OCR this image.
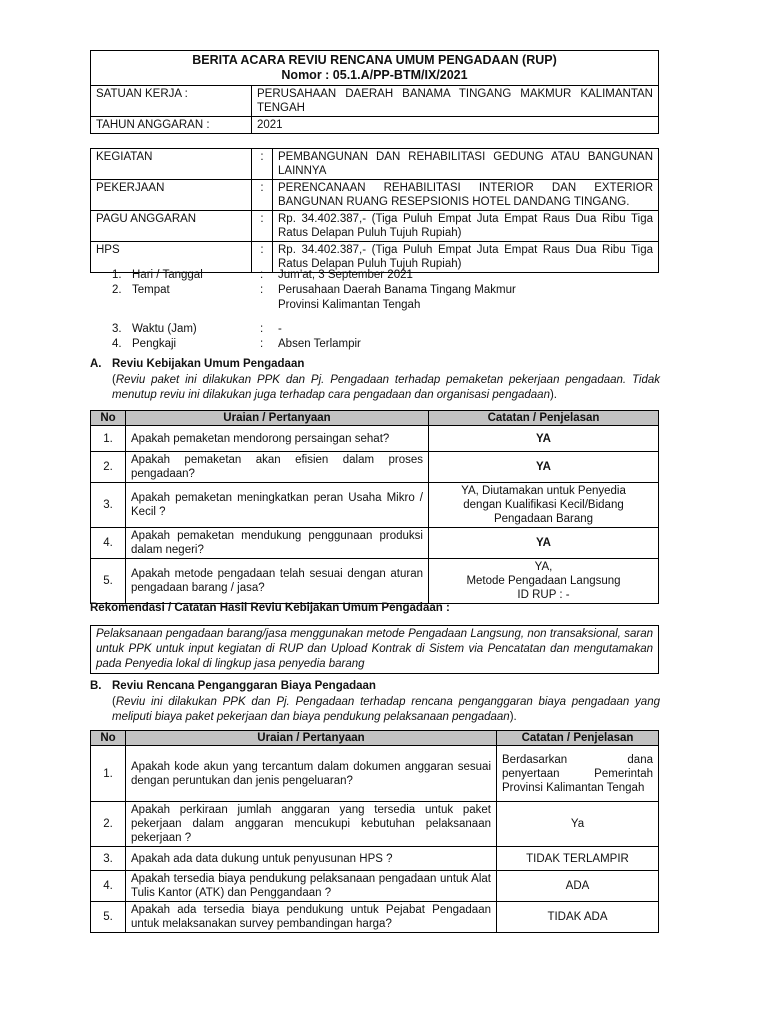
BERITA ACARA REVIU RENCANA UMUM PENGADAAN (RUP)	
Nomor : 05.1.A/PP-BTM/IX/2021	
SATUAN KERJA :	PERUSAHAAN DAERAH BANAMA TINGANG MAKMUR KALIMANTAN TENGAH
TAHUN ANGGARAN :	2021
KEGIATAN	:	PEMBANGUNAN DAN REHABILITASI GEDUNG ATAU BANGUNAN LAINNYA
PEKERJAAN	:	PERENCANAAN REHABILITASI INTERIOR DAN EXTERIOR BANGUNAN RUANG RESEPSIONIS HOTEL DANDANG TINGANG.
PAGU ANGGARAN	:	Rp. 34.402.387,- (Tiga Puluh Empat Juta Empat Raus Dua Ribu Tiga Ratus Delapan Puluh Tujuh Rupiah)
HPS	:	Rp. 34.402.387,- (Tiga Puluh Empat Juta Empat Raus Dua Ribu Tiga Ratus Delapan Puluh Tujuh Rupiah)
1. Hari / Tanggal	:	Jum’at, 3 September 2021
2. Tempat	:	Perusahaan Daerah Banama Tingang Makmur
Provinsi Kalimantan Tengah
3. Waktu (Jam)	:	-
4. Pengkaji	:	Absen Terlampir
A. Reviu Kebijakan Umum Pengadaan
(Reviu paket ini dilakukan PPK dan Pj. Pengadaan terhadap pemaketan pekerjaan pengadaan. Tidak menutup reviu ini dilakukan juga terhadap cara pengadaan dan organisasi pengadaan).
No	Uraian / Pertanyaan	Catatan / Penjelasan
1.	Apakah pemaketan mendorong persaingan sehat?	YA

2.	Apakah pemaketan akan efisien dalam proses pengadaan?	YA

3.	Apakah pemaketan meningkatkan peran Usaha Mikro / Kecil ?	YA, Diutamakan untuk Penyedia
dengan Kualifikasi Kecil/Bidang
Pengadaan Barang

4.	Apakah pemaketan mendukung penggunaan produksi dalam negeri?	YA

5.	Apakah metode pengadaan telah sesuai dengan aturan pengadaan barang / jasa?	YA,
Metode Pengadaan Langsung
ID RUP : -
Rekomendasi / Catatan Hasil Reviu Kebijakan Umum Pengadaan :
Pelaksanaan pengadaan barang/jasa menggunakan metode Pengadaan Langsung, non transaksional, saran untuk PPK untuk input kegiatan di RUP dan Upload Kontrak di Sistem via Pencatatan dan mengutamakan pada Penyedia lokal di lingkup jasa penyedia barang
B. Reviu Rencana Penganggaran Biaya Pengadaan
(Reviu ini dilakukan PPK dan Pj. Pengadaan terhadap rencana penganggaran biaya pengadaan yang meliputi biaya paket pekerjaan dan biaya pendukung pelaksanaan pengadaan).
No	Uraian / Pertanyaan	Catatan / Penjelasan
1.	Apakah kode akun yang tercantum dalam dokumen anggaran sesuai dengan peruntukan dan jenis pengeluaran?	Berdasarkan dana penyertaan Pemerintah Provinsi Kalimantan Tengah
2.	Apakah perkiraan jumlah anggaran yang tersedia untuk paket pekerjaan dalam anggaran mencukupi kebutuhan pelaksanaan pekerjaan ?	Ya
3.	Apakah ada data dukung untuk penyusunan HPS ?	TIDAK TERLAMPIR
4.	Apakah tersedia biaya pendukung pelaksanaan pengadaan untuk Alat Tulis Kantor (ATK) dan Penggandaan ?	ADA
5.	Apakah ada tersedia biaya pendukung untuk Pejabat Pengadaan untuk melaksanakan survey pembandingan harga?	TIDAK ADA
